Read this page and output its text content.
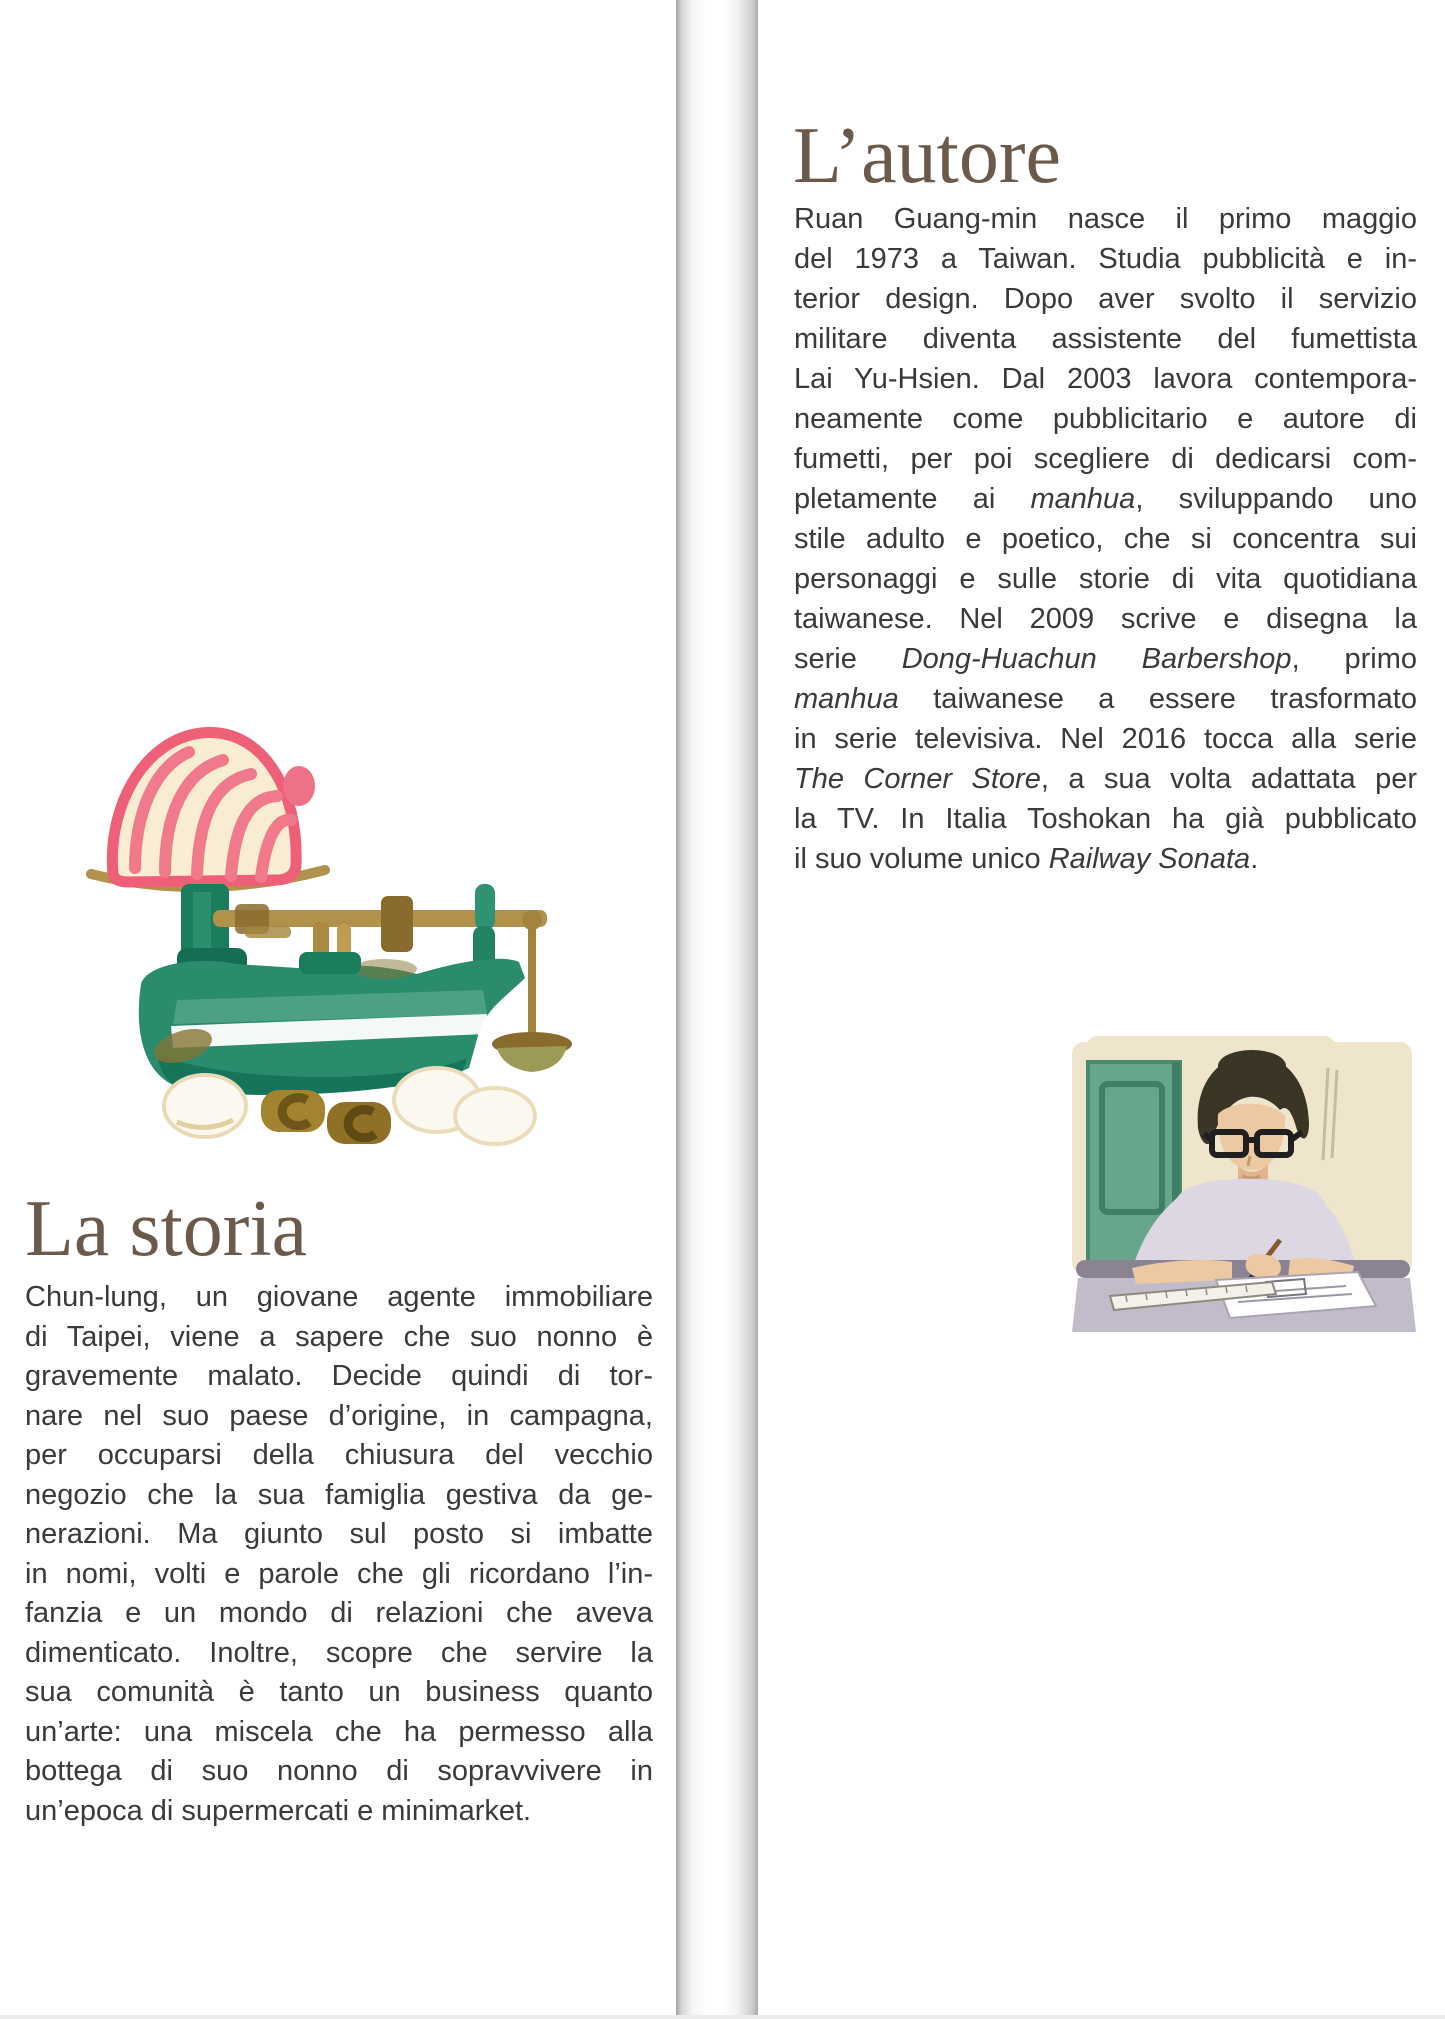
La storia
Chun-lung, un giovane agente immobiliare
di Taipei, viene a sapere che suo nonno è
gravemente malato. Decide quindi di tor-
nare nel suo paese d’origine, in campagna,
per occuparsi della chiusura del vecchio
negozio che la sua famiglia gestiva da ge-
nerazioni. Ma giunto sul posto si imbatte
in nomi, volti e parole che gli ricordano l’in-
fanzia e un mondo di relazioni che aveva
dimenticato. Inoltre, scopre che servire la
sua comunità è tanto un business quanto
un’arte: una miscela che ha permesso alla
bottega di suo nonno di sopravvivere in
un’epoca di supermercati e minimarket.
L’autore
Ruan Guang-min nasce il primo maggio
del 1973 a Taiwan. Studia pubblicità e in-
terior design. Dopo aver svolto il servizio
militare diventa assistente del fumettista
Lai Yu-Hsien. Dal 2003 lavora contempora-
neamente come pubblicitario e autore di
fumetti, per poi scegliere di dedicarsi com-
pletamente ai manhua, sviluppando uno
stile adulto e poetico, che si concentra sui
personaggi e sulle storie di vita quotidiana
taiwanese. Nel 2009 scrive e disegna la
serie Dong-Huachun Barbershop, primo
manhua taiwanese a essere trasformato
in serie televisiva. Nel 2016 tocca alla serie
The Corner Store, a sua volta adattata per
la TV. In Italia Toshokan ha già pubblicato
il suo volume unico Railway Sonata.
